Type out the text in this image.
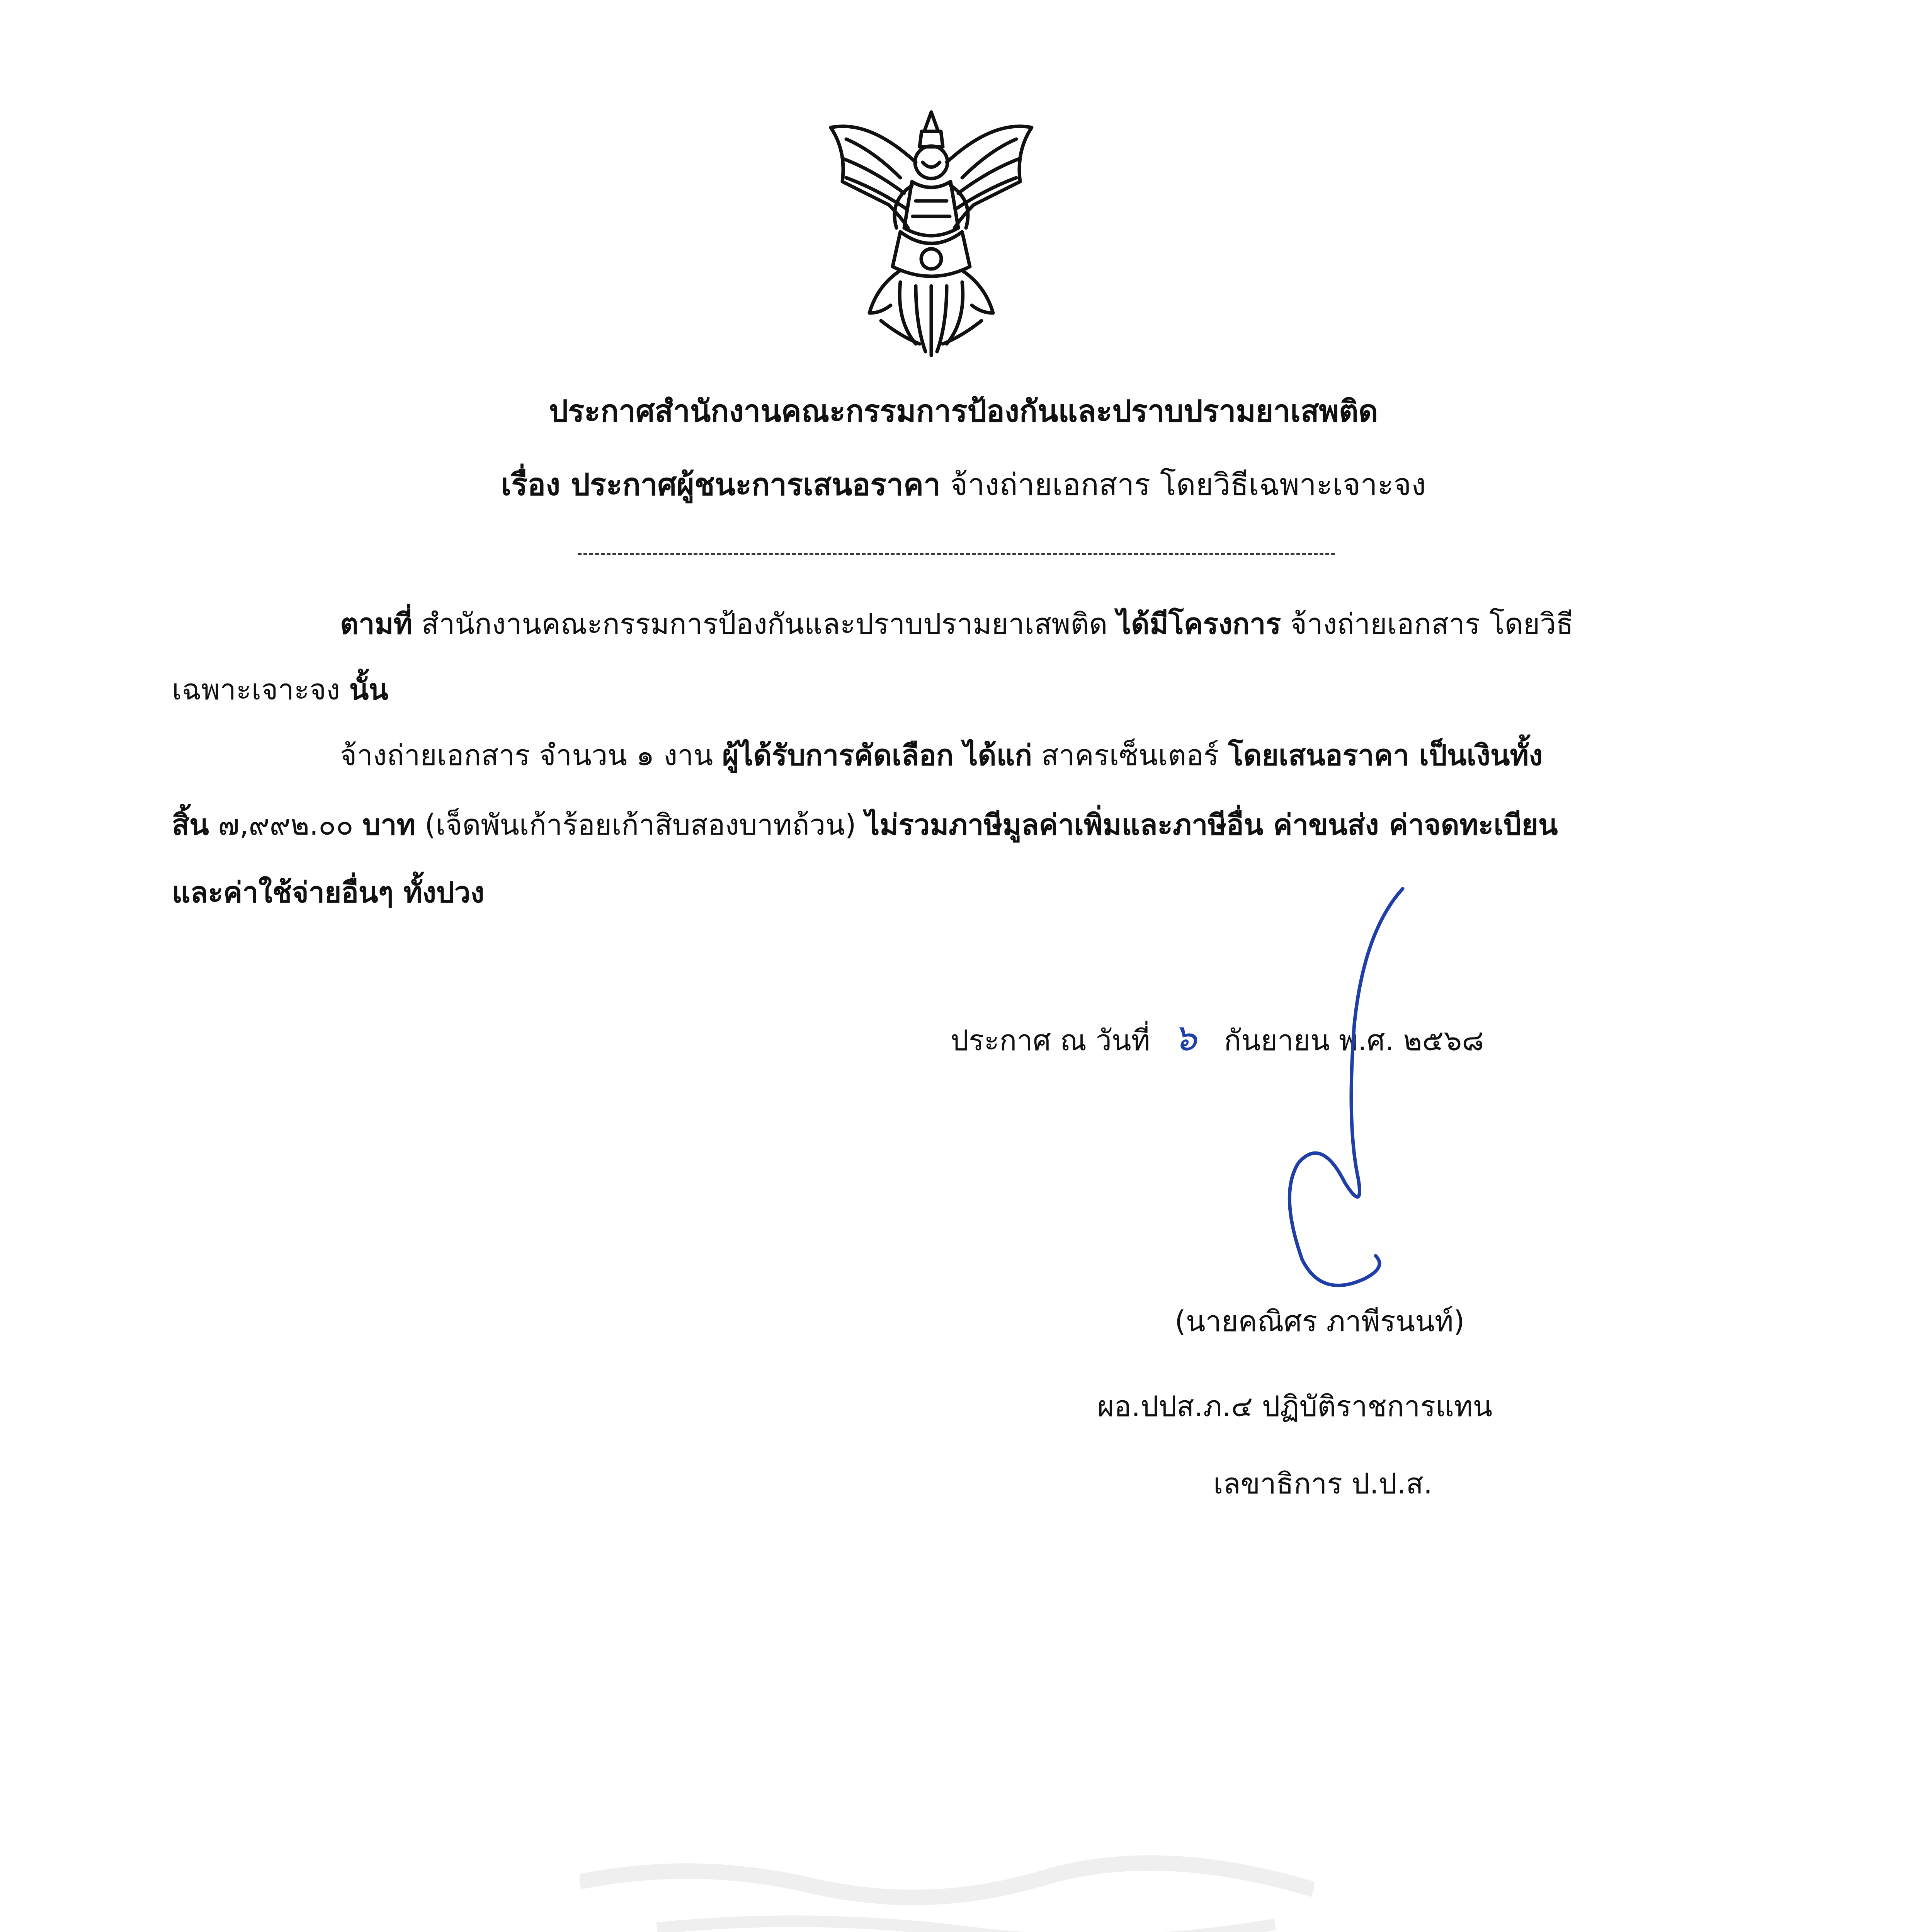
ประกาศสำนักงานคณะกรรมการป้องกันและปราบปรามยาเสพติด
เรื่อง ประกาศผู้ชนะการเสนอราคา จ้างถ่ายเอกสาร โดยวิธีเฉพาะเจาะจง
ตามที่ สำนักงานคณะกรรมการป้องกันและปราบปรามยาเสพติด ได้มีโครงการ จ้างถ่ายเอกสาร โดยวิธี
เฉพาะเจาะจง นั้น
จ้างถ่ายเอกสาร จำนวน ๑ งาน ผู้ได้รับการคัดเลือก ได้แก่ สาครเซ็นเตอร์ โดยเสนอราคา เป็นเงินทั้ง
สิ้น ๗,๙๙๒.๐๐ บาท (เจ็ดพันเก้าร้อยเก้าสิบสองบาทถ้วน) ไม่รวมภาษีมูลค่าเพิ่มและภาษีอื่น ค่าขนส่ง ค่าจดทะเบียน
และค่าใช้จ่ายอื่นๆ ทั้งปวง
ประกาศ ณ วันที่ ๖ กันยายน พ.ศ. ๒๕๖๘
(นายคณิศร ภาพีรนนท์)
ผอ.ปปส.ภ.๔ ปฏิบัติราชการแทน
เลขาธิการ ป.ป.ส.
